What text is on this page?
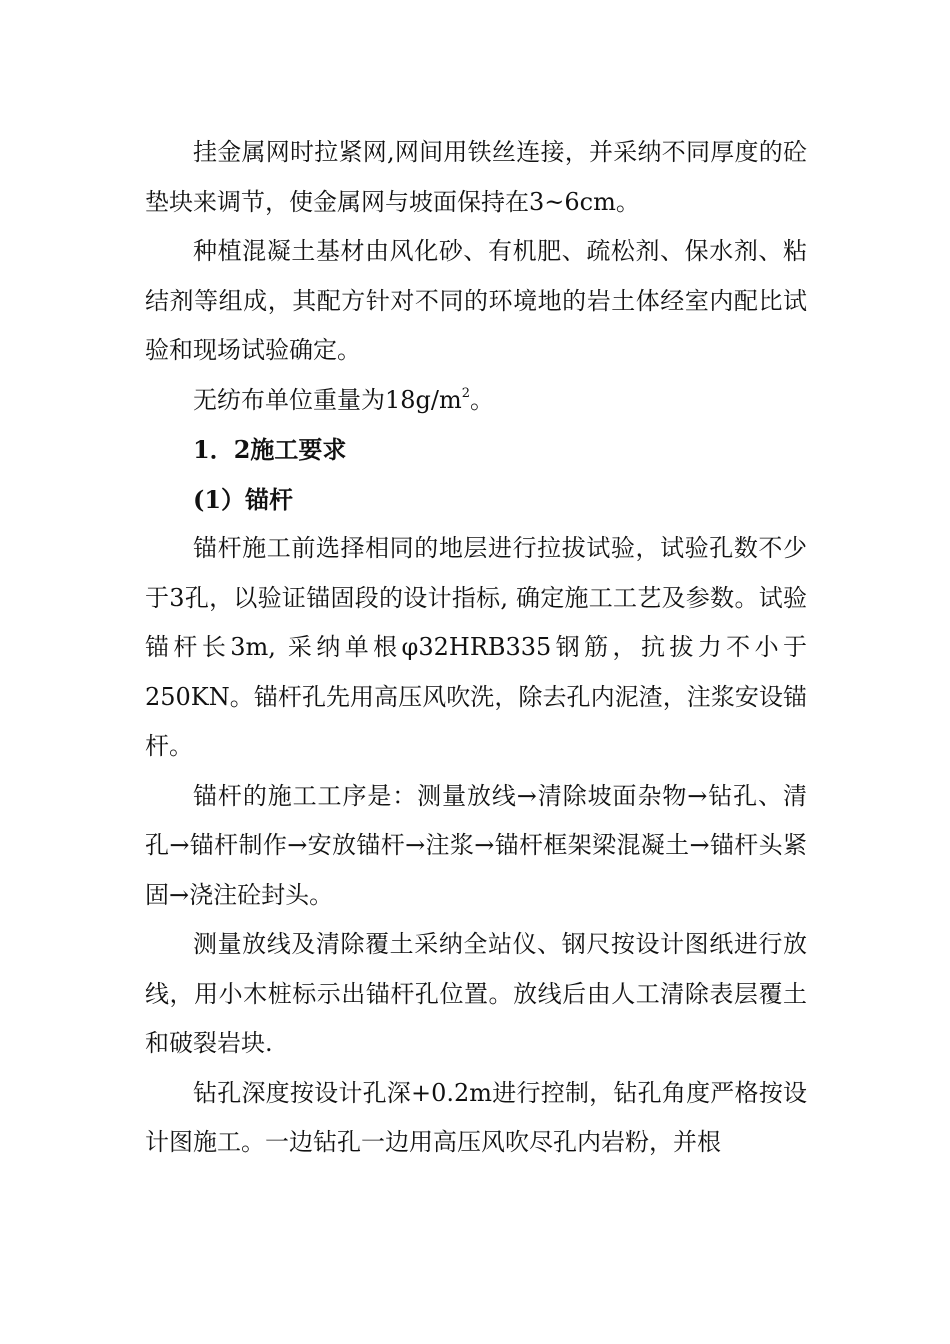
挂金属网时拉紧网,网间用铁丝连接，并采纳不同厚度的砼垫块来调节，使金属网与坡面保持在3~6cm。

种植混凝土基材由风化砂、有机肥、疏松剂、保水剂、粘结剂等组成，其配方针对不同的环境地的岩土体经室内配比试验和现场试验确定。

无纺布单位重量为$18g/m^2$。

1．2施工要求

(1）锚杆

锚杆施工前选择相同的地层进行拉拔试验，试验孔数不少于3孔，以验证锚固段的设计指标, 确定施工工艺及参数。试验锚杆长3m, 采纳单根φ32HRB335钢筋，抗拔力不小于250KN。锚杆孔先用高压风吹洗，除去孔内泥渣，注浆安设锚杆。

锚杆的施工工序是：测量放线→清除坡面杂物→钻孔、清孔→锚杆制作→安放锚杆→注浆→锚杆框架梁混凝土→锚杆头紧固→浇注砼封头。

测量放线及清除覆土采纳全站仪、钢尺按设计图纸进行放线，用小木桩标示出锚杆孔位置。放线后由人工清除表层覆土和破裂岩块.

钻孔深度按设计孔深+0.2m进行控制，钻孔角度严格按设计图施工。一边钻孔一边用高压风吹尽孔内岩粉，并根
